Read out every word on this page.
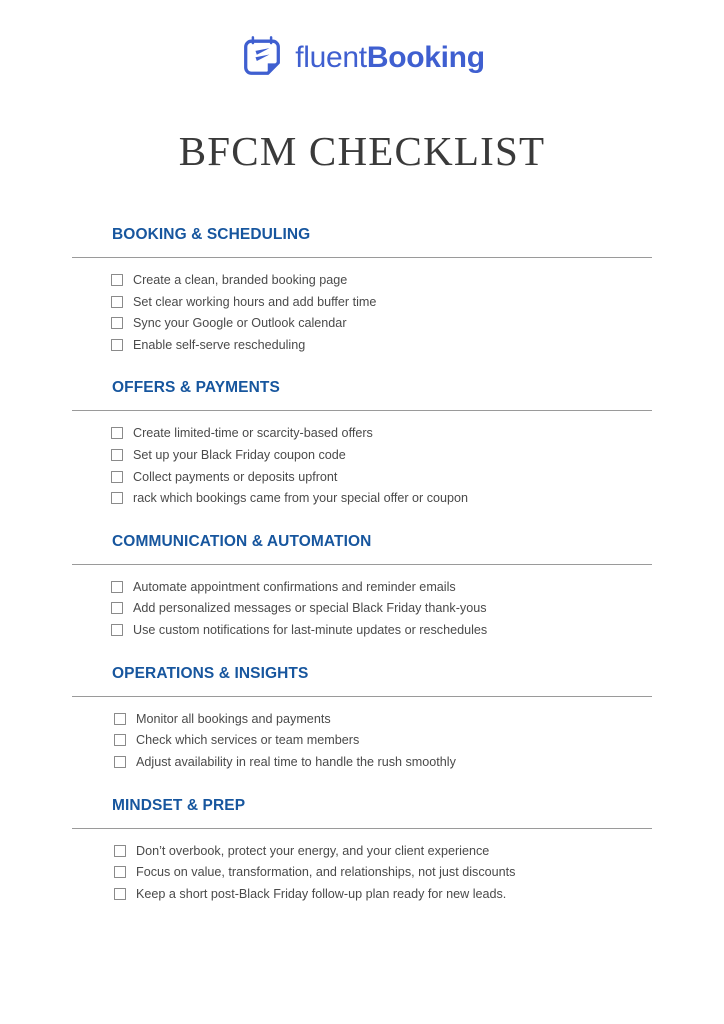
fluentBooking
BFCM CHECKLIST
BOOKING & SCHEDULING
Create a clean, branded booking page
Set clear working hours and add buffer time
Sync your Google or Outlook calendar
Enable self-serve rescheduling
OFFERS & PAYMENTS
Create limited-time or scarcity-based offers
Set up your Black Friday coupon code
Collect payments or deposits upfront
rack which bookings came from your special offer or coupon
COMMUNICATION & AUTOMATION
Automate appointment confirmations and reminder emails
Add personalized messages or special Black Friday thank-yous
Use custom notifications for last-minute updates or reschedules
OPERATIONS & INSIGHTS
Monitor all bookings and payments
Check which services or team members
Adjust availability in real time to handle the rush smoothly
MINDSET & PREP
Don’t overbook, protect your energy, and your client experience
Focus on value, transformation, and relationships, not just discounts
Keep a short post-Black Friday follow-up plan ready for new leads.
